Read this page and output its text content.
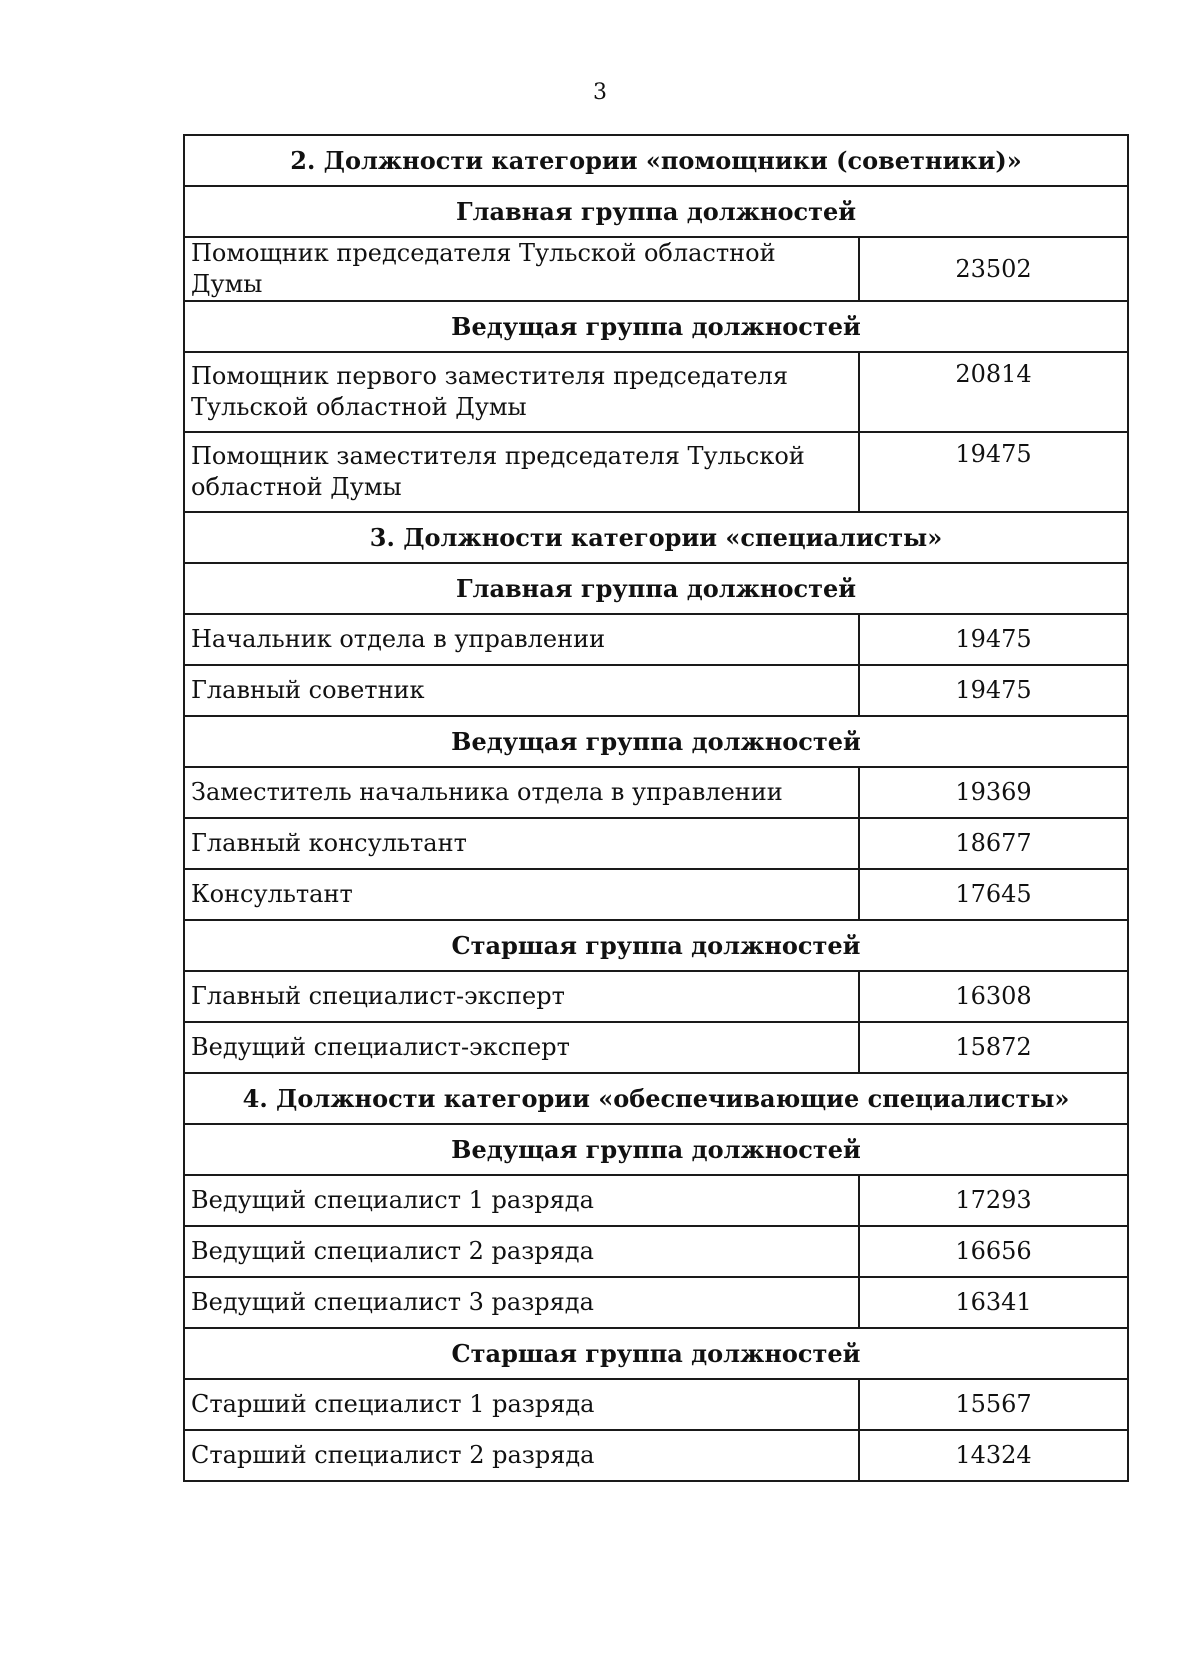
3
2. Должности категории «помощники (советники)»	
Главная группа должностей	
Помощник председателя Тульской областной Думы	23502
Ведущая группа должностей	
Помощник первого заместителя председателя Тульской областной Думы	20814
Помощник заместителя председателя Тульской областной Думы	19475
3. Должности категории «специалисты»	
Главная группа должностей	
Начальник отдела в управлении	19475
Главный советник	19475
Ведущая группа должностей	
Заместитель начальника отдела в управлении	19369
Главный консультант	18677
Консультант	17645
Старшая группа должностей	
Главный специалист-эксперт	16308
Ведущий специалист-эксперт	15872
4. Должности категории «обеспечивающие специалисты»	
Ведущая группа должностей	
Ведущий специалист 1 разряда	17293
Ведущий специалист 2 разряда	16656
Ведущий специалист 3 разряда	16341
Старшая группа должностей	
Старший специалист 1 разряда	15567
Старший специалист 2 разряда	14324
